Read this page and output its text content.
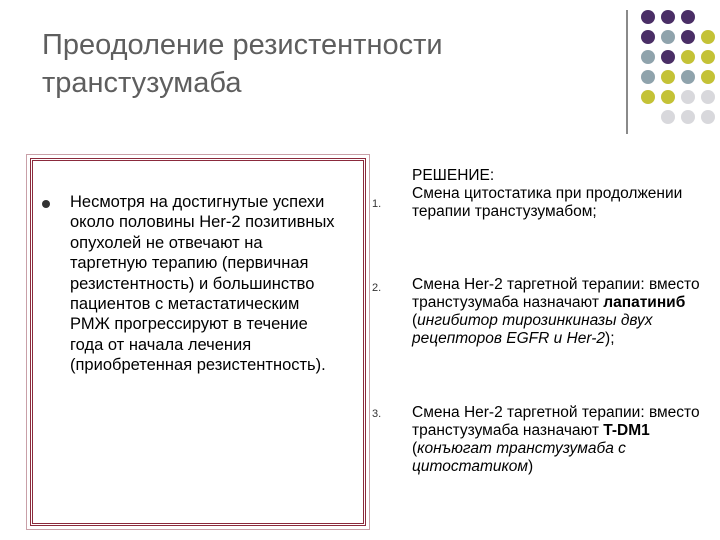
Преодоление резистентности
транстузумаба
Несмотря на достигнутые успехи около половины Her-2 позитивных опухолей не отвечают на таргетную терапию (первичная резистентность) и большинство пациентов с метастатическим РМЖ прогрессируют в течение года от начала лечения (приобретенная резистентность).
РЕШЕНИЕ:
1.
Смена цитостатика при продолжении терапии транстузумабом;
2. Смена Her-2 таргетной терапии: вместо транстузумаба назначают лапатиниб (ингибитор тирозинкиназы двух рецепторов EGFR и Her-2);
3. Смена Her-2 таргетной терапии: вместо транстузумаба назначают T-DM1 (конъюгат транстузумаба с цитостатиком)
